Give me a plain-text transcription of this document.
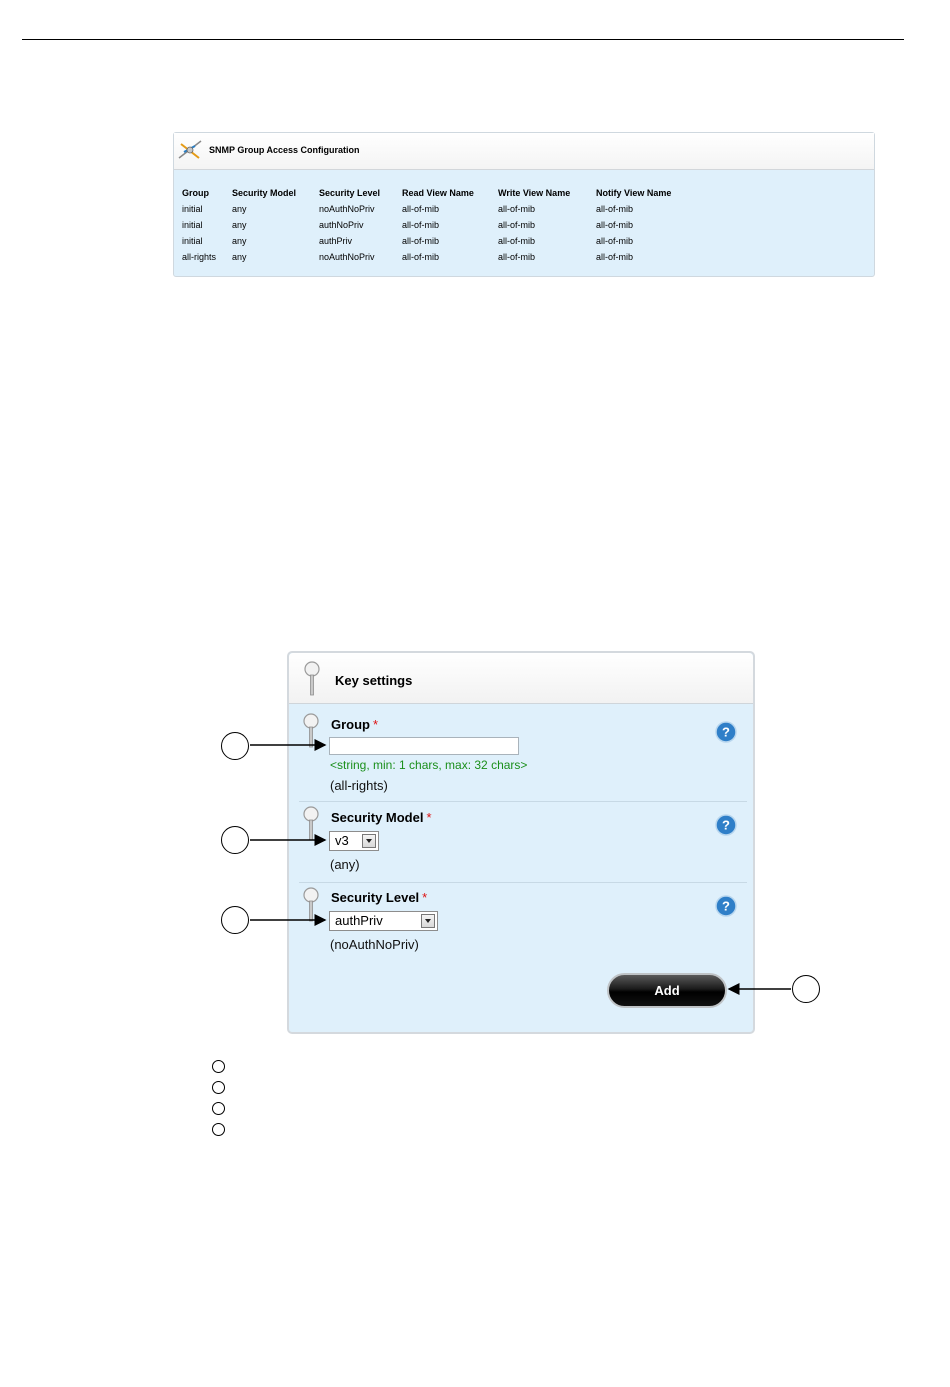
SNMP Group Access Configuration
Group	Security Model	Security Level	Read View Name	Write View Name	Notify View Name
initial	any	noAuthNoPriv	all-of-mib	all-of-mib	all-of-mib
initial	any	authNoPriv	all-of-mib	all-of-mib	all-of-mib
initial	any	authPriv	all-of-mib	all-of-mib	all-of-mib
all-rights	any	noAuthNoPriv	all-of-mib	all-of-mib	all-of-mib
Key settings
Group *
<string, min: 1 chars, max: 32 chars>
(all-rights)
?
Security Model *
v3
(any)
?
Security Level *
authPriv
(noAuthNoPriv)
?
Add
